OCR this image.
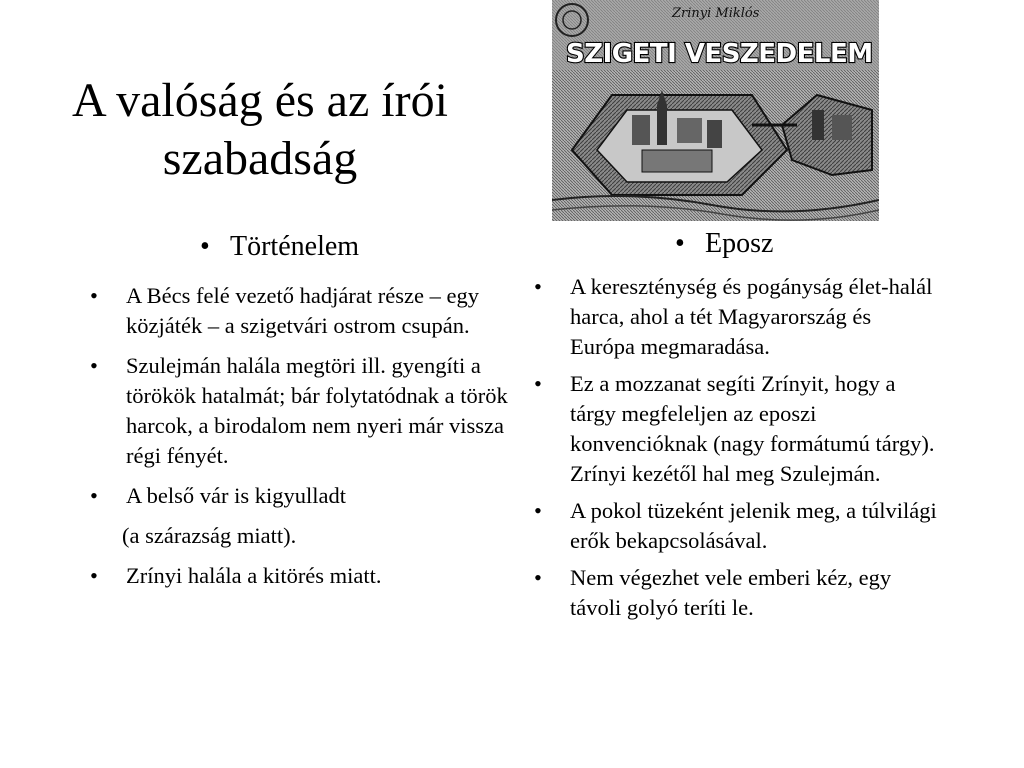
A valóság és az írói
szabadság
Zrinyi Miklós
SZIGETI VESZEDELEM
• Történelem
•	Eposz
• A Bécs felé vezető hadjárat része – egy közjáték – a szigetvári ostrom csupán.
• Szulejmán halála megtöri ill. gyengíti a törökök hatalmát; bár folytatódnak a török harcok, a birodalom nem nyeri már vissza régi fényét.
• A belső vár is kigyulladt
(a szárazság miatt).
• Zrínyi halála a kitörés miatt.
• A kereszténység és pogányság élet-halál harca, ahol a tét Magyarország és Európa megmaradása.
• Ez a mozzanat segíti Zrínyit, hogy a tárgy megfeleljen az eposzi konvencióknak (nagy formátumú tárgy). Zrínyi kezétől hal meg Szulejmán.
• A pokol tüzeként jelenik meg, a túlvilági erők bekapcsolásával.
• Nem végezhet vele emberi kéz, egy távoli golyó teríti le.
